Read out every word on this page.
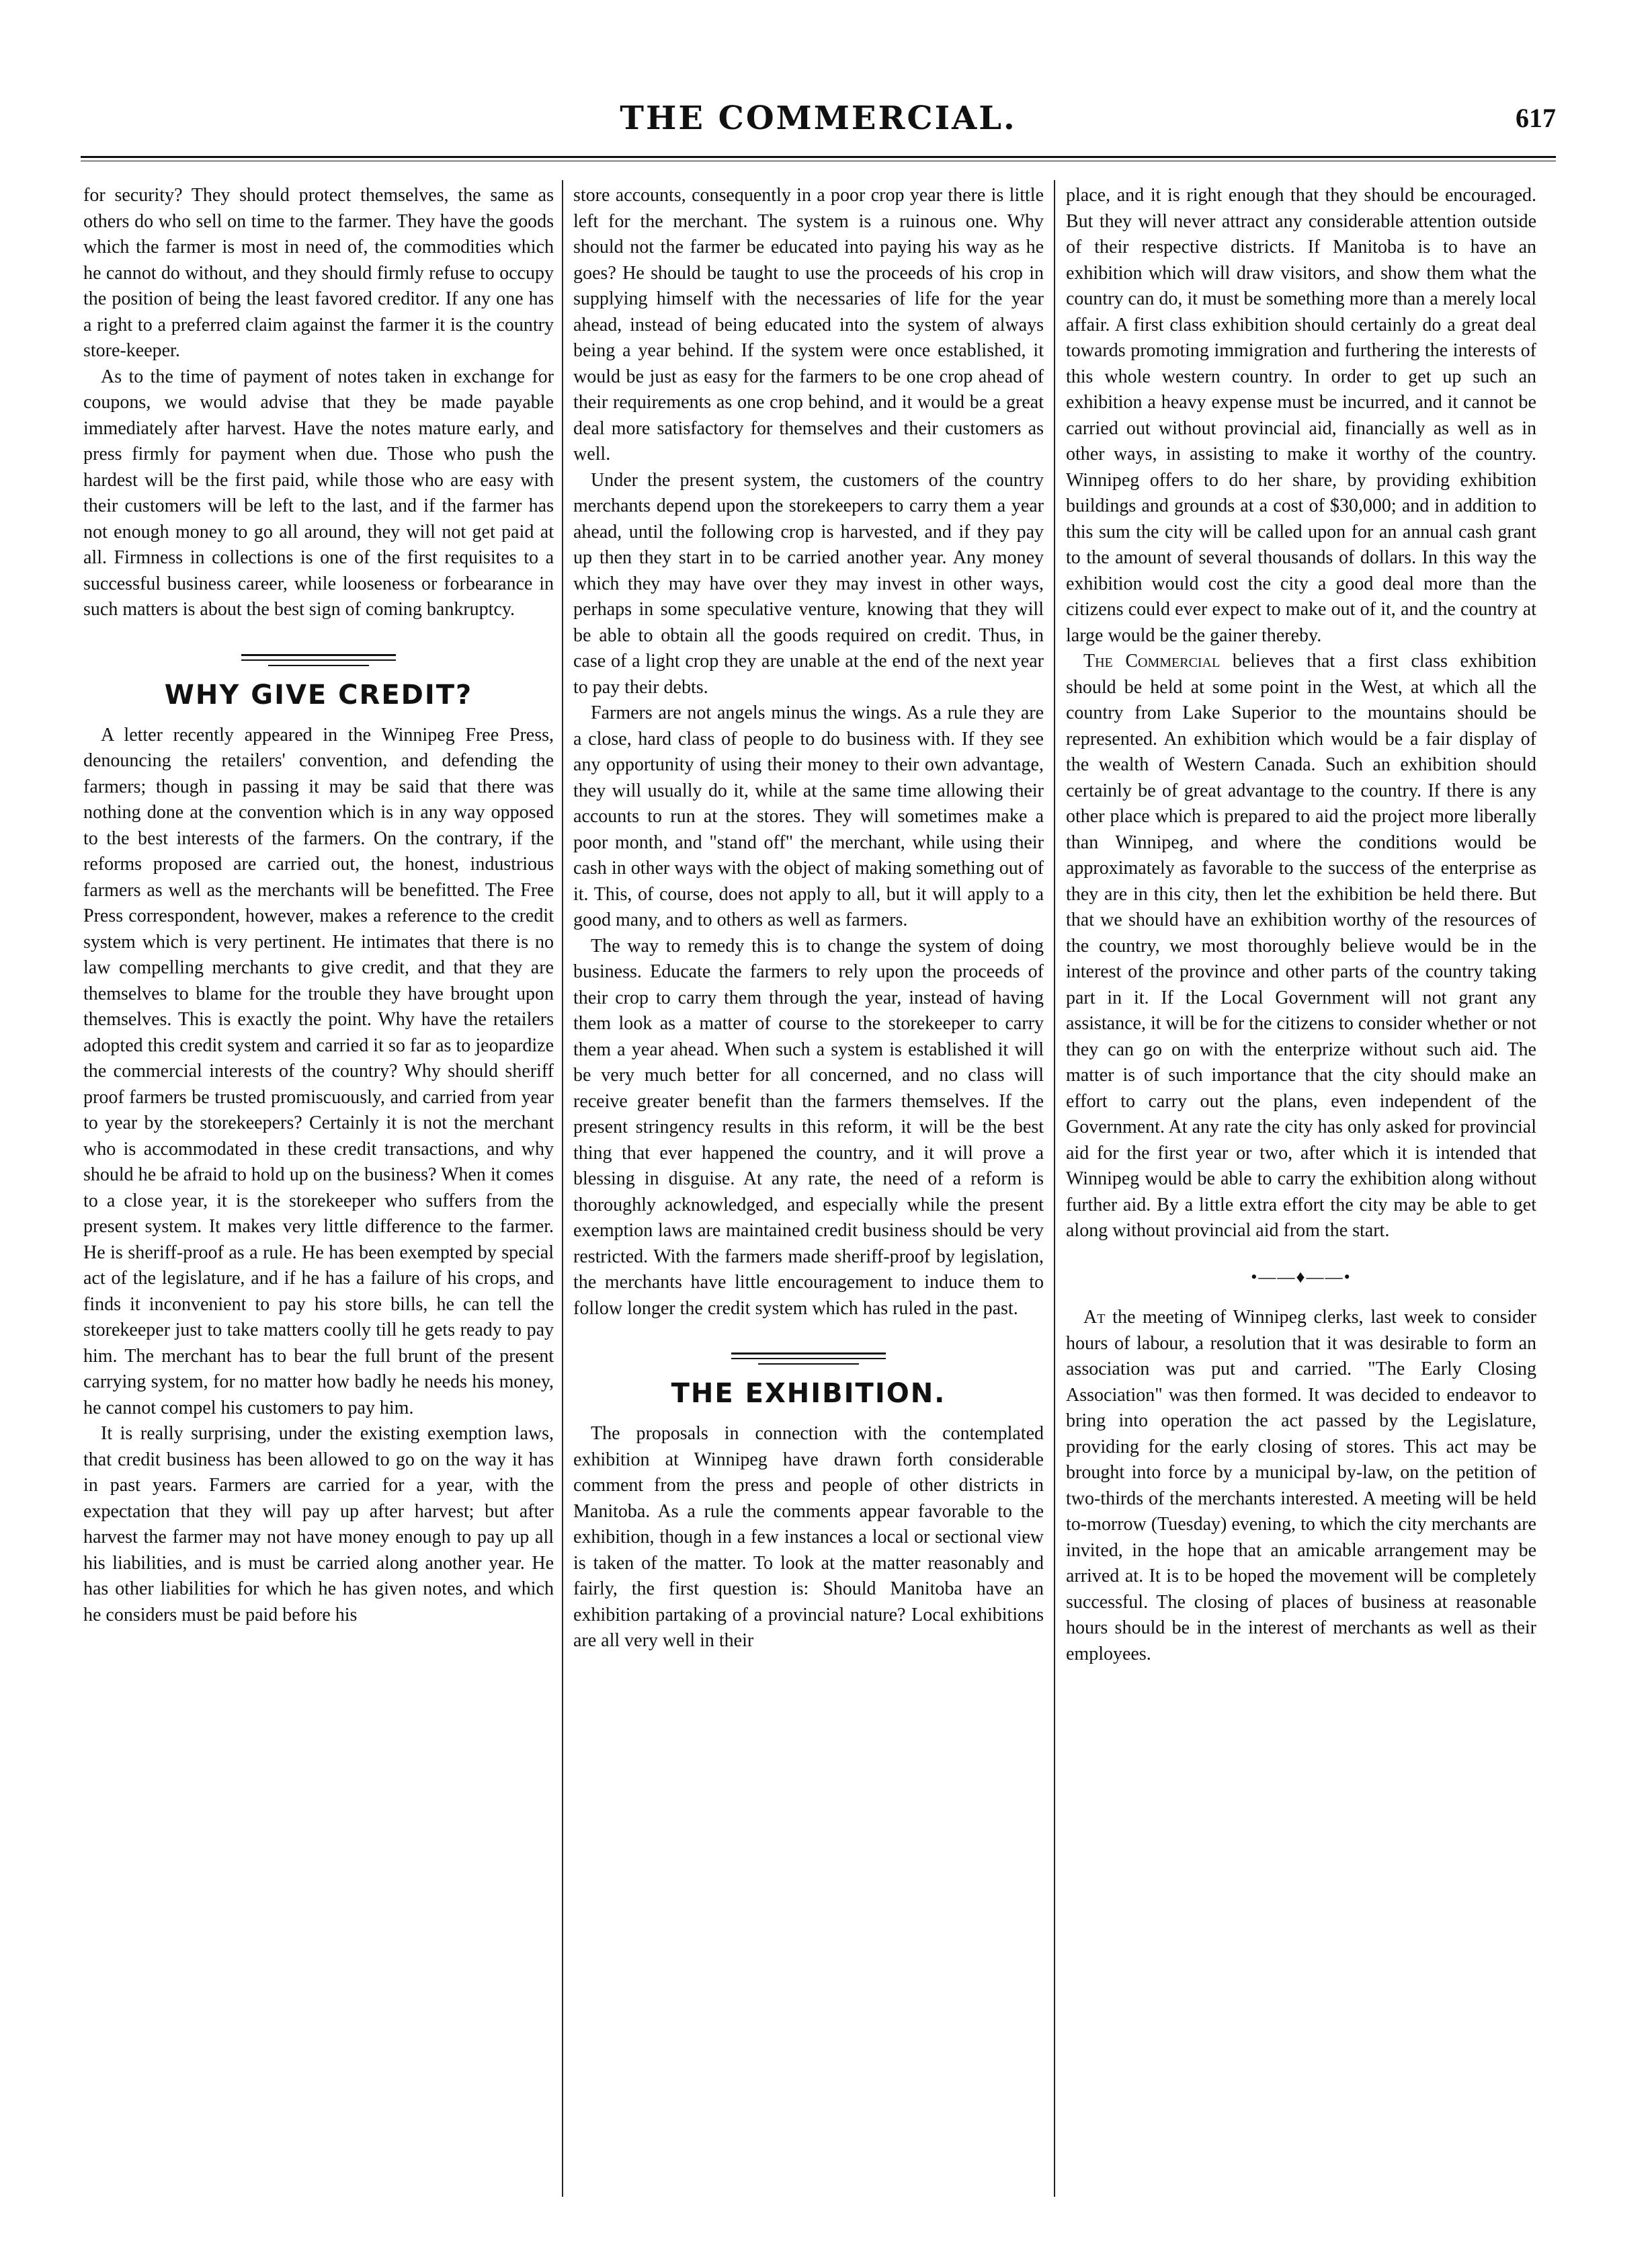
THE COMMERCIAL.	617

for security? They should protect themselves, the same as others do who sell on time to the farmer. They have the goods which the farmer is most in need of, the commodities which he cannot do without, and they should firmly refuse to occupy the position of being the least favored creditor. If any one has a right to a preferred claim against the farmer it is the country store-keeper.

As to the time of payment of notes taken in exchange for coupons, we would advise that they be made payable immediately after harvest. Have the notes mature early, and press firmly for payment when due. Those who push the hardest will be the first paid, while those who are easy with their customers will be left to the last, and if the farmer has not enough money to go all around, they will not get paid at all. Firmness in collections is one of the first requisites to a successful business career, while looseness or forbearance in such matters is about the best sign of coming bankruptcy.

WHY GIVE CREDIT?

A letter recently appeared in the Winnipeg Free Press, denouncing the retailers' convention, and defending the farmers; though in passing it may be said that there was nothing done at the convention which is in any way opposed to the best interests of the farmers. On the contrary, if the reforms proposed are carried out, the honest, industrious farmers as well as the merchants will be benefitted. The Free Press correspondent, however, makes a reference to the credit system which is very pertinent. He intimates that there is no law compelling merchants to give credit, and that they are themselves to blame for the trouble they have brought upon themselves. This is exactly the point. Why have the retailers adopted this credit system and carried it so far as to jeopardize the commercial interests of the country? Why should sheriff proof farmers be trusted promiscuously, and carried from year to year by the storekeepers? Certainly it is not the merchant who is accommodated in these credit transactions, and why should he be afraid to hold up on the business? When it comes to a close year, it is the storekeeper who suffers from the present system. It makes very little difference to the farmer. He is sheriff-proof as a rule. He has been exempted by special act of the legislature, and if he has a failure of his crops, and finds it inconvenient to pay his store bills, he can tell the storekeeper just to take matters coolly till he gets ready to pay him. The merchant has to bear the full brunt of the present carrying system, for no matter how badly he needs his money, he cannot compel his customers to pay him.

It is really surprising, under the existing exemption laws, that credit business has been allowed to go on the way it has in past years. Farmers are carried for a year, with the expectation that they will pay up after harvest; but after harvest the farmer may not have money enough to pay up all his liabilities, and is must be carried along another year. He has other liabilities for which he has given notes, and which he considers must be paid before his

store accounts, consequently in a poor crop year there is little left for the merchant. The system is a ruinous one. Why should not the farmer be educated into paying his way as he goes? He should be taught to use the proceeds of his crop in supplying himself with the necessaries of life for the year ahead, instead of being educated into the system of always being a year behind. If the system were once established, it would be just as easy for the farmers to be one crop ahead of their requirements as one crop behind, and it would be a great deal more satisfactory for themselves and their customers as well.

Under the present system, the customers of the country merchants depend upon the storekeepers to carry them a year ahead, until the following crop is harvested, and if they pay up then they start in to be carried another year. Any money which they may have over they may invest in other ways, perhaps in some speculative venture, knowing that they will be able to obtain all the goods required on credit. Thus, in case of a light crop they are unable at the end of the next year to pay their debts.

Farmers are not angels minus the wings. As a rule they are a close, hard class of people to do business with. If they see any opportunity of using their money to their own advantage, they will usually do it, while at the same time allowing their accounts to run at the stores. They will sometimes make a poor month, and "stand off" the merchant, while using their cash in other ways with the object of making something out of it. This, of course, does not apply to all, but it will apply to a good many, and to others as well as farmers.

The way to remedy this is to change the system of doing business. Educate the farmers to rely upon the proceeds of their crop to carry them through the year, instead of having them look as a matter of course to the storekeeper to carry them a year ahead. When such a system is established it will be very much better for all concerned, and no class will receive greater benefit than the farmers themselves. If the present stringency results in this reform, it will be the best thing that ever happened the country, and it will prove a blessing in disguise. At any rate, the need of a reform is thoroughly acknowledged, and especially while the present exemption laws are maintained credit business should be very restricted. With the farmers made sheriff-proof by legislation, the merchants have little encouragement to induce them to follow longer the credit system which has ruled in the past.

THE EXHIBITION.

The proposals in connection with the contemplated exhibition at Winnipeg have drawn forth considerable comment from the press and people of other districts in Manitoba. As a rule the comments appear favorable to the exhibition, though in a few instances a local or sectional view is taken of the matter. To look at the matter reasonably and fairly, the first question is: Should Manitoba have an exhibition partaking of a provincial nature? Local exhibitions are all very well in their

place, and it is right enough that they should be encouraged. But they will never attract any considerable attention outside of their respective districts. If Manitoba is to have an exhibition which will draw visitors, and show them what the country can do, it must be something more than a merely local affair. A first class exhibition should certainly do a great deal towards promoting immigration and furthering the interests of this whole western country. In order to get up such an exhibition a heavy expense must be incurred, and it cannot be carried out without provincial aid, financially as well as in other ways, in assisting to make it worthy of the country. Winnipeg offers to do her share, by providing exhibition buildings and grounds at a cost of $30,000; and in addition to this sum the city will be called upon for an annual cash grant to the amount of several thousands of dollars. In this way the exhibition would cost the city a good deal more than the citizens could ever expect to make out of it, and the country at large would be the gainer thereby.

The Commercial believes that a first class exhibition should be held at some point in the West, at which all the country from Lake Superior to the mountains should be represented. An exhibition which would be a fair display of the wealth of Western Canada. Such an exhibition should certainly be of great advantage to the country. If there is any other place which is prepared to aid the project more liberally than Winnipeg, and where the conditions would be approximately as favorable to the success of the enterprise as they are in this city, then let the exhibition be held there. But that we should have an exhibition worthy of the resources of the country, we most thoroughly believe would be in the interest of the province and other parts of the country taking part in it. If the Local Government will not grant any assistance, it will be for the citizens to consider whether or not they can go on with the enterprize without such aid. The matter is of such importance that the city should make an effort to carry out the plans, even independent of the Government. At any rate the city has only asked for provincial aid for the first year or two, after which it is intended that Winnipeg would be able to carry the exhibition along without further aid. By a little extra effort the city may be able to get along without provincial aid from the start.

•——♦——•

At the meeting of Winnipeg clerks, last week to consider hours of labour, a resolution that it was desirable to form an association was put and carried. "The Early Closing Association" was then formed. It was decided to endeavor to bring into operation the act passed by the Legislature, providing for the early closing of stores. This act may be brought into force by a municipal by-law, on the petition of two-thirds of the merchants interested. A meeting will be held to-morrow (Tuesday) evening, to which the city merchants are invited, in the hope that an amicable arrangement may be arrived at. It is to be hoped the movement will be completely successful. The closing of places of business at reasonable hours should be in the interest of merchants as well as their employees.
